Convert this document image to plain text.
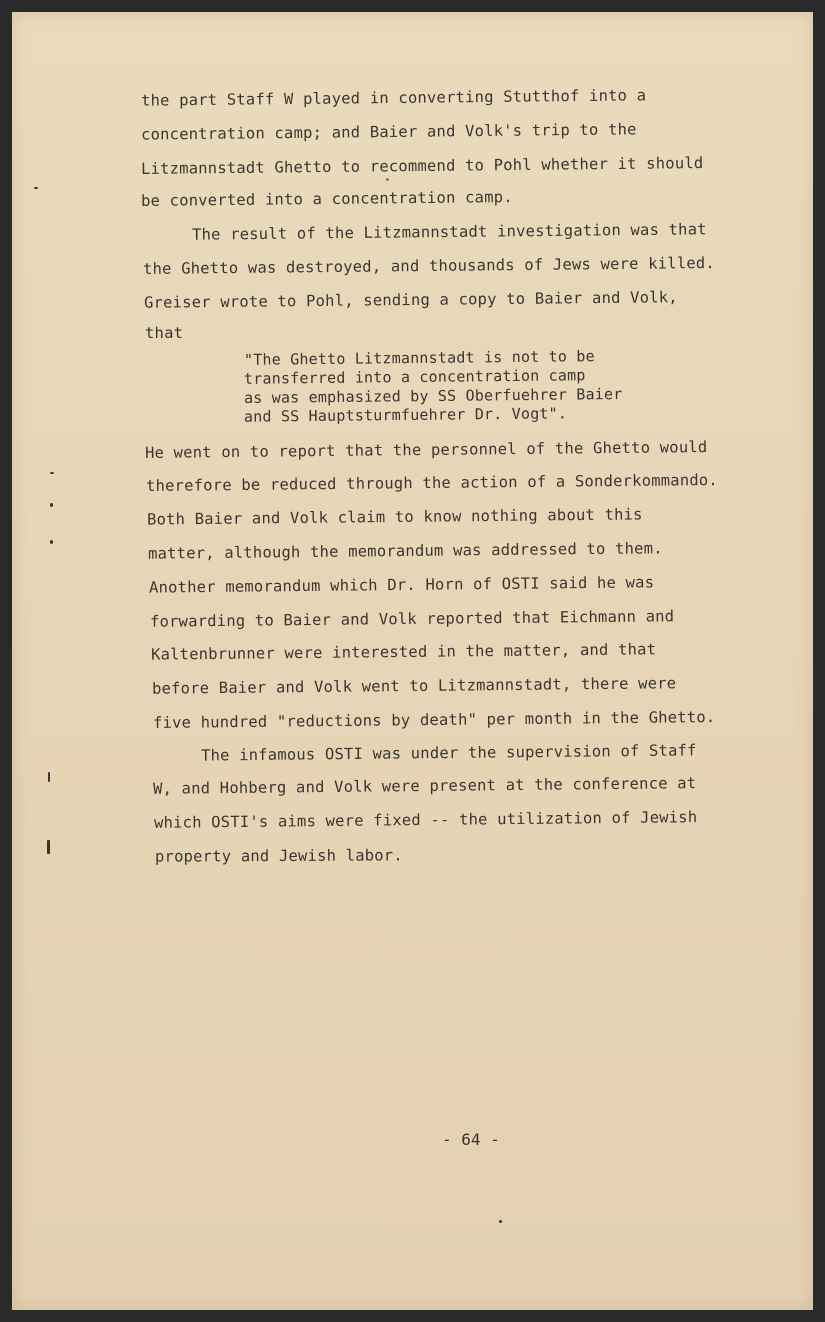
the part Staff W played in converting Stutthof into a
concentration camp; and Baier and Volk's trip to the
Litzmannstadt Ghetto to recommend to Pohl whether it should
be converted into a concentration camp.
The result of the Litzmannstadt investigation was that
the Ghetto was destroyed, and thousands of Jews were killed.
Greiser wrote to Pohl, sending a copy to Baier and Volk,
that
"The Ghetto Litzmannstadt is not to be
transferred into a concentration camp
as was emphasized by SS Oberfuehrer Baier
and SS Hauptsturmfuehrer Dr. Vogt".
He went on to report that the personnel of the Ghetto would
therefore be reduced through the action of a Sonderkommando.
Both Baier and Volk claim to know nothing about this
matter, although the memorandum was addressed to them.
Another memorandum which Dr. Horn of OSTI said he was
forwarding to Baier and Volk reported that Eichmann and
Kaltenbrunner were interested in the matter, and that
before Baier and Volk went to Litzmannstadt, there were
five hundred "reductions by death" per month in the Ghetto.
The infamous OSTI was under the supervision of Staff
W, and Hohberg and Volk were present at the conference at
which OSTI's aims were fixed -- the utilization of Jewish
property and Jewish labor.
- 64 -
